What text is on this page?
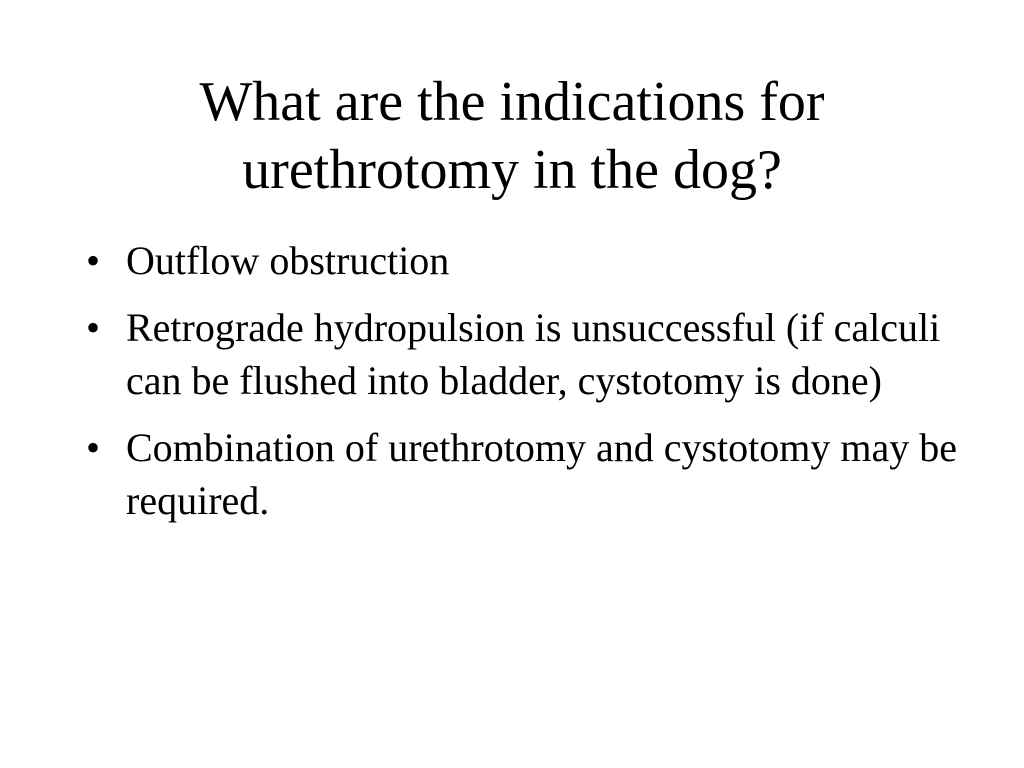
What are the indications for urethrotomy in the dog?
• Outflow obstruction
• Retrograde hydropulsion is unsuccessful (if calculi can be flushed into bladder, cystotomy is done)
• Combination of urethrotomy and cystotomy may be required.
